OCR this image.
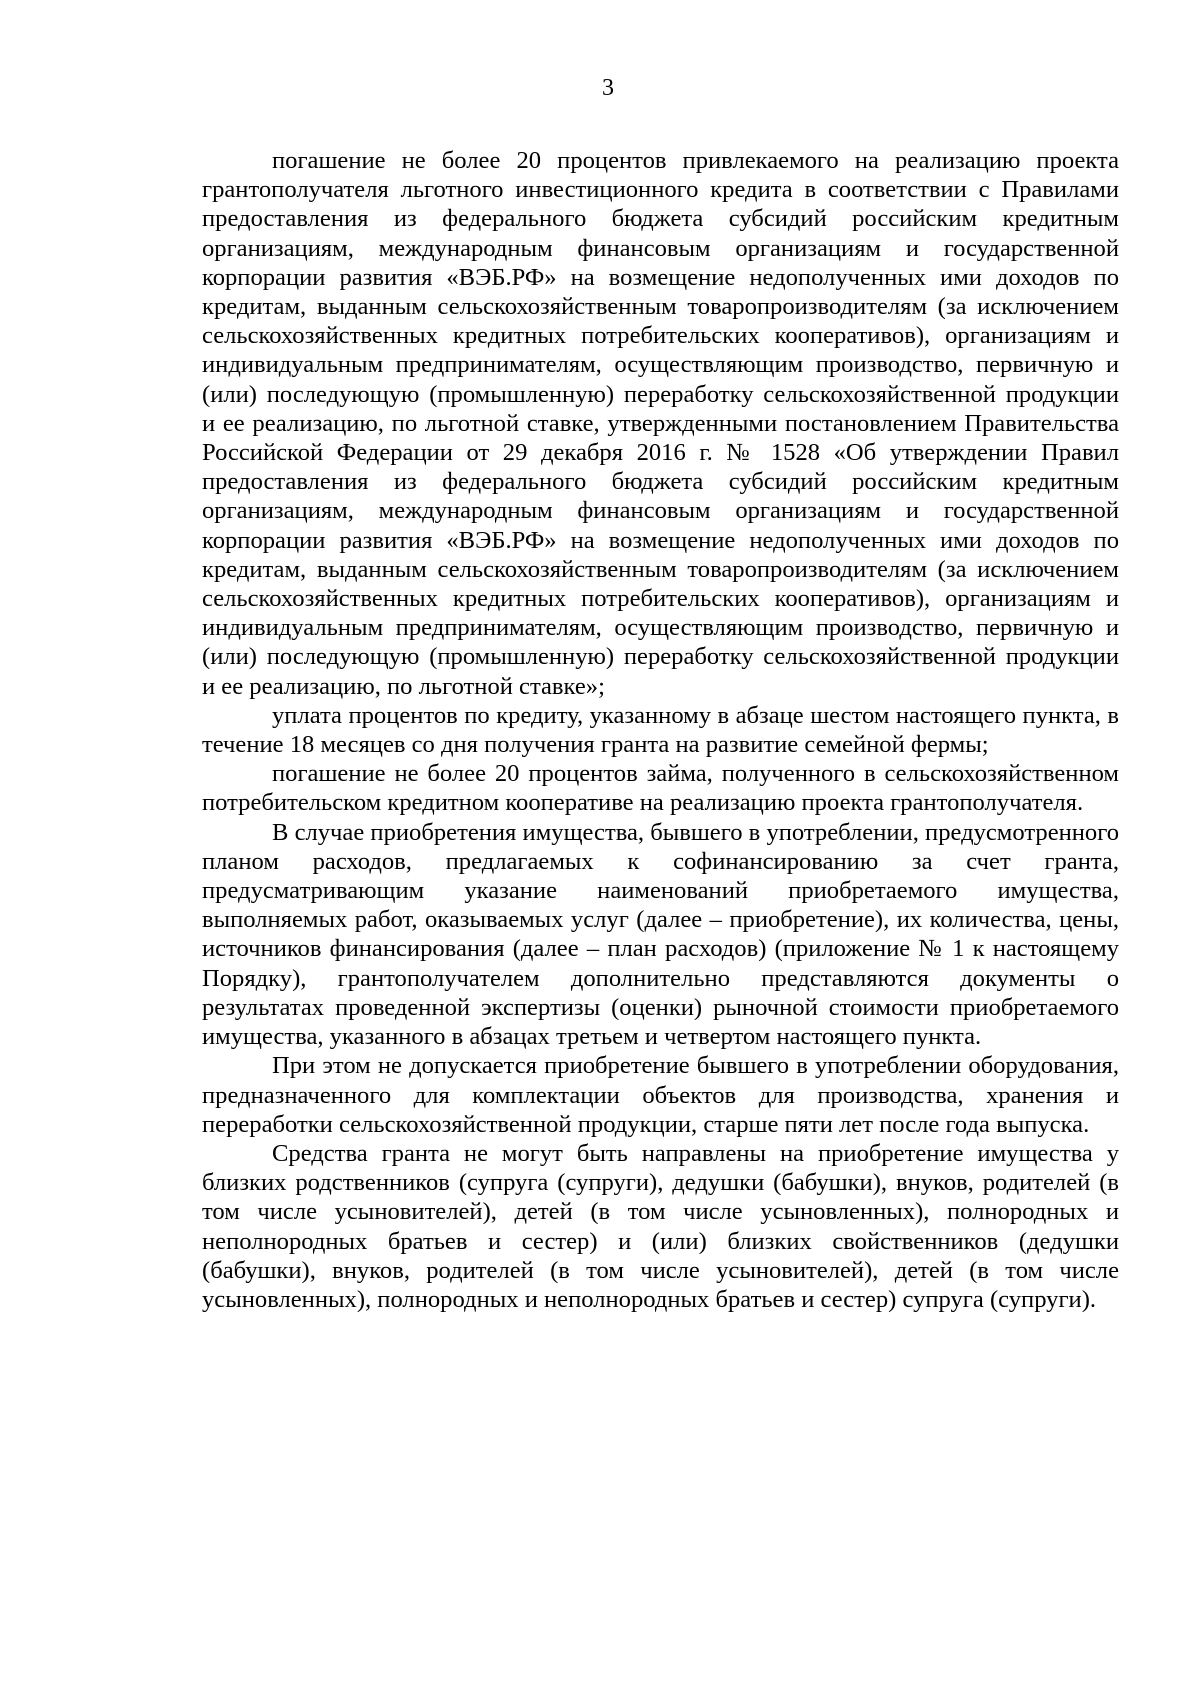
3

погашение не более 20 процентов привлекаемого на реализацию проекта грантополучателя льготного инвестиционного кредита в соответствии с Правилами предоставления из федерального бюджета субсидий российским кредитным организациям, международным финансовым организациям и государственной корпорации развития «ВЭБ.РФ» на возмещение недополученных ими доходов по кредитам, выданным сельскохозяйственным товаропроизводителям (за исключением сельскохозяйственных кредитных потребительских кооперативов), организациям и индивидуальным предпринимателям, осуществляющим производство, первичную и (или) последующую (промышленную) переработку сельскохозяйственной продукции и ее реализацию, по льготной ставке, утвержденными постановлением Правительства Российской Федерации от 29 декабря 2016 г. № 1528 «Об утверждении Правил предоставления из федерального бюджета субсидий российским кредитным организациям, международным финансовым организациям и государственной корпорации развития «ВЭБ.РФ» на возмещение недополученных ими доходов по кредитам, выданным сельскохозяйственным товаропроизводителям (за исключением сельскохозяйственных кредитных потребительских кооперативов), организациям и индивидуальным предпринимателям, осуществляющим производство, первичную и (или) последующую (промышленную) переработку сельскохозяйственной продукции и ее реализацию, по льготной ставке»;

уплата процентов по кредиту, указанному в абзаце шестом настоящего пункта, в течение 18 месяцев со дня получения гранта на развитие семейной фермы;

погашение не более 20 процентов займа, полученного в сельскохозяйственном потребительском кредитном кооперативе на реализацию проекта грантополучателя.

В случае приобретения имущества, бывшего в употреблении, предусмотренного планом расходов, предлагаемых к софинансированию за счет гранта, предусматривающим указание наименований приобретаемого имущества, выполняемых работ, оказываемых услуг (далее – приобретение), их количества, цены, источников финансирования (далее – план расходов) (приложение № 1 к настоящему Порядку), грантополучателем дополнительно представляются документы о результатах проведенной экспертизы (оценки) рыночной стоимости приобретаемого имущества, указанного в абзацах третьем и четвертом настоящего пункта.

При этом не допускается приобретение бывшего в употреблении оборудования, предназначенного для комплектации объектов для производства, хранения и переработки сельскохозяйственной продукции, старше пяти лет после года выпуска.

Средства гранта не могут быть направлены на приобретение имущества у близких родственников (супруга (супруги), дедушки (бабушки), внуков, родителей (в том числе усыновителей), детей (в том числе усыновленных), полнородных и неполнородных братьев и сестер) и (или) близких свойственников (дедушки (бабушки), внуков, родителей (в том числе усыновителей), детей (в том числе усыновленных), полнородных и неполнородных братьев и сестер) супруга (супруги).
